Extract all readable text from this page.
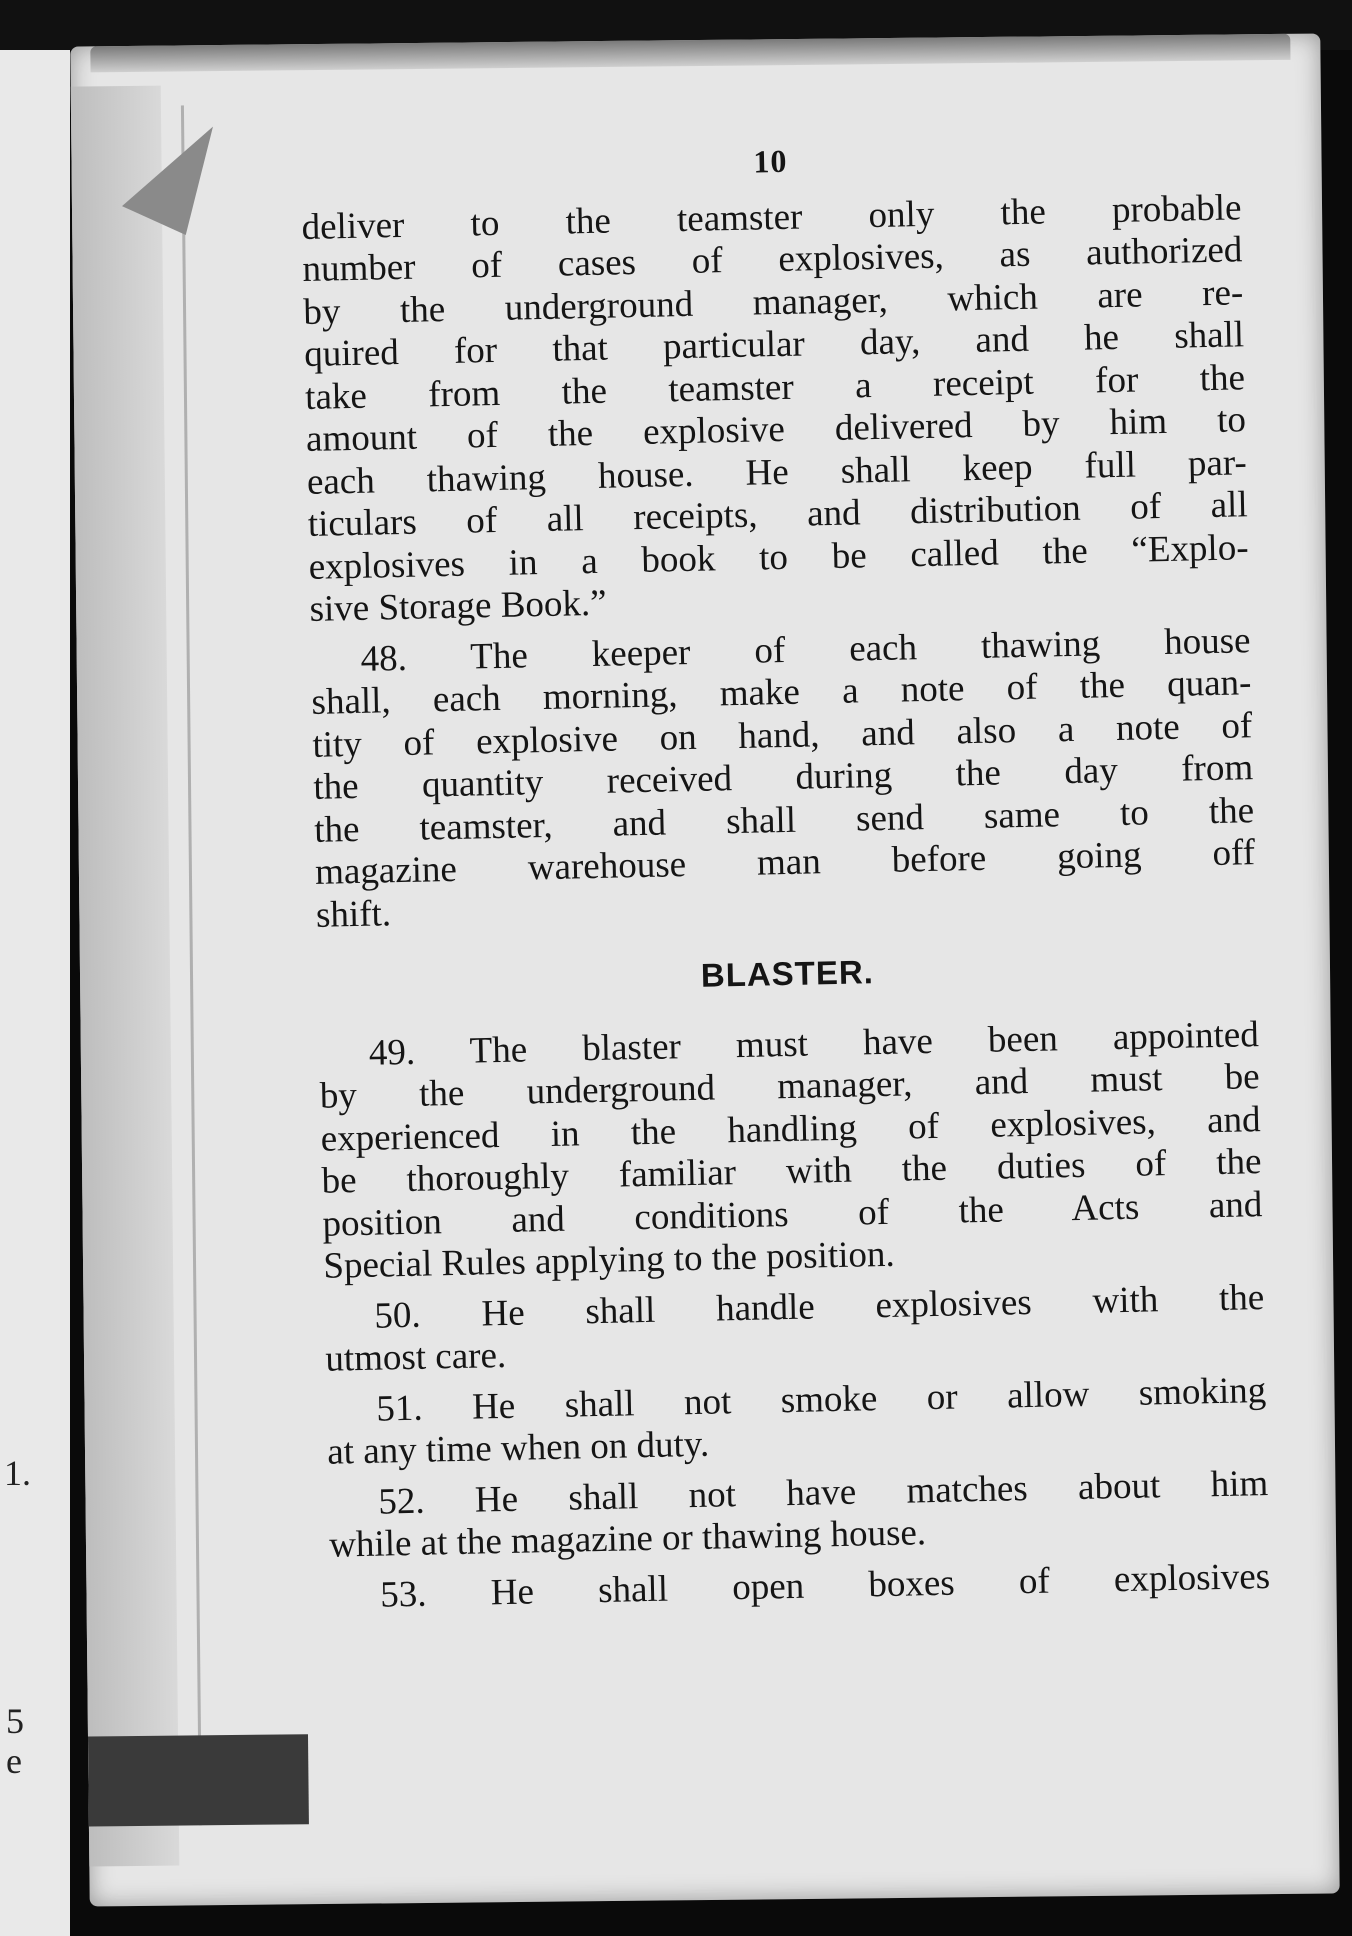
1.
5
e
10
deliver to the teamster only the probable
number of cases of explosives, as authorized
by the underground manager, which are re-
quired for that particular day, and he shall
take from the teamster a receipt for the
amount of the explosive delivered by him to
each thawing house. He shall keep full par-
ticulars of all receipts, and distribution of all
explosives in a book to be called the “Explo-
sive Storage Book.”
48. The keeper of each thawing house
shall, each morning, make a note of the quan-
tity of explosive on hand, and also a note of
the quantity received during the day from
the teamster, and shall send same to the
magazine warehouse man before going off
shift.
BLASTER.
49. The blaster must have been appointed
by the underground manager, and must be
experienced in the handling of explosives, and
be thoroughly familiar with the duties of the
position and conditions of the Acts and
Special Rules applying to the position.
50. He shall handle explosives with the
utmost care.
51. He shall not smoke or allow smoking
at any time when on duty.
52. He shall not have matches about him
while at the magazine or thawing house.
53. He shall open boxes of explosives
